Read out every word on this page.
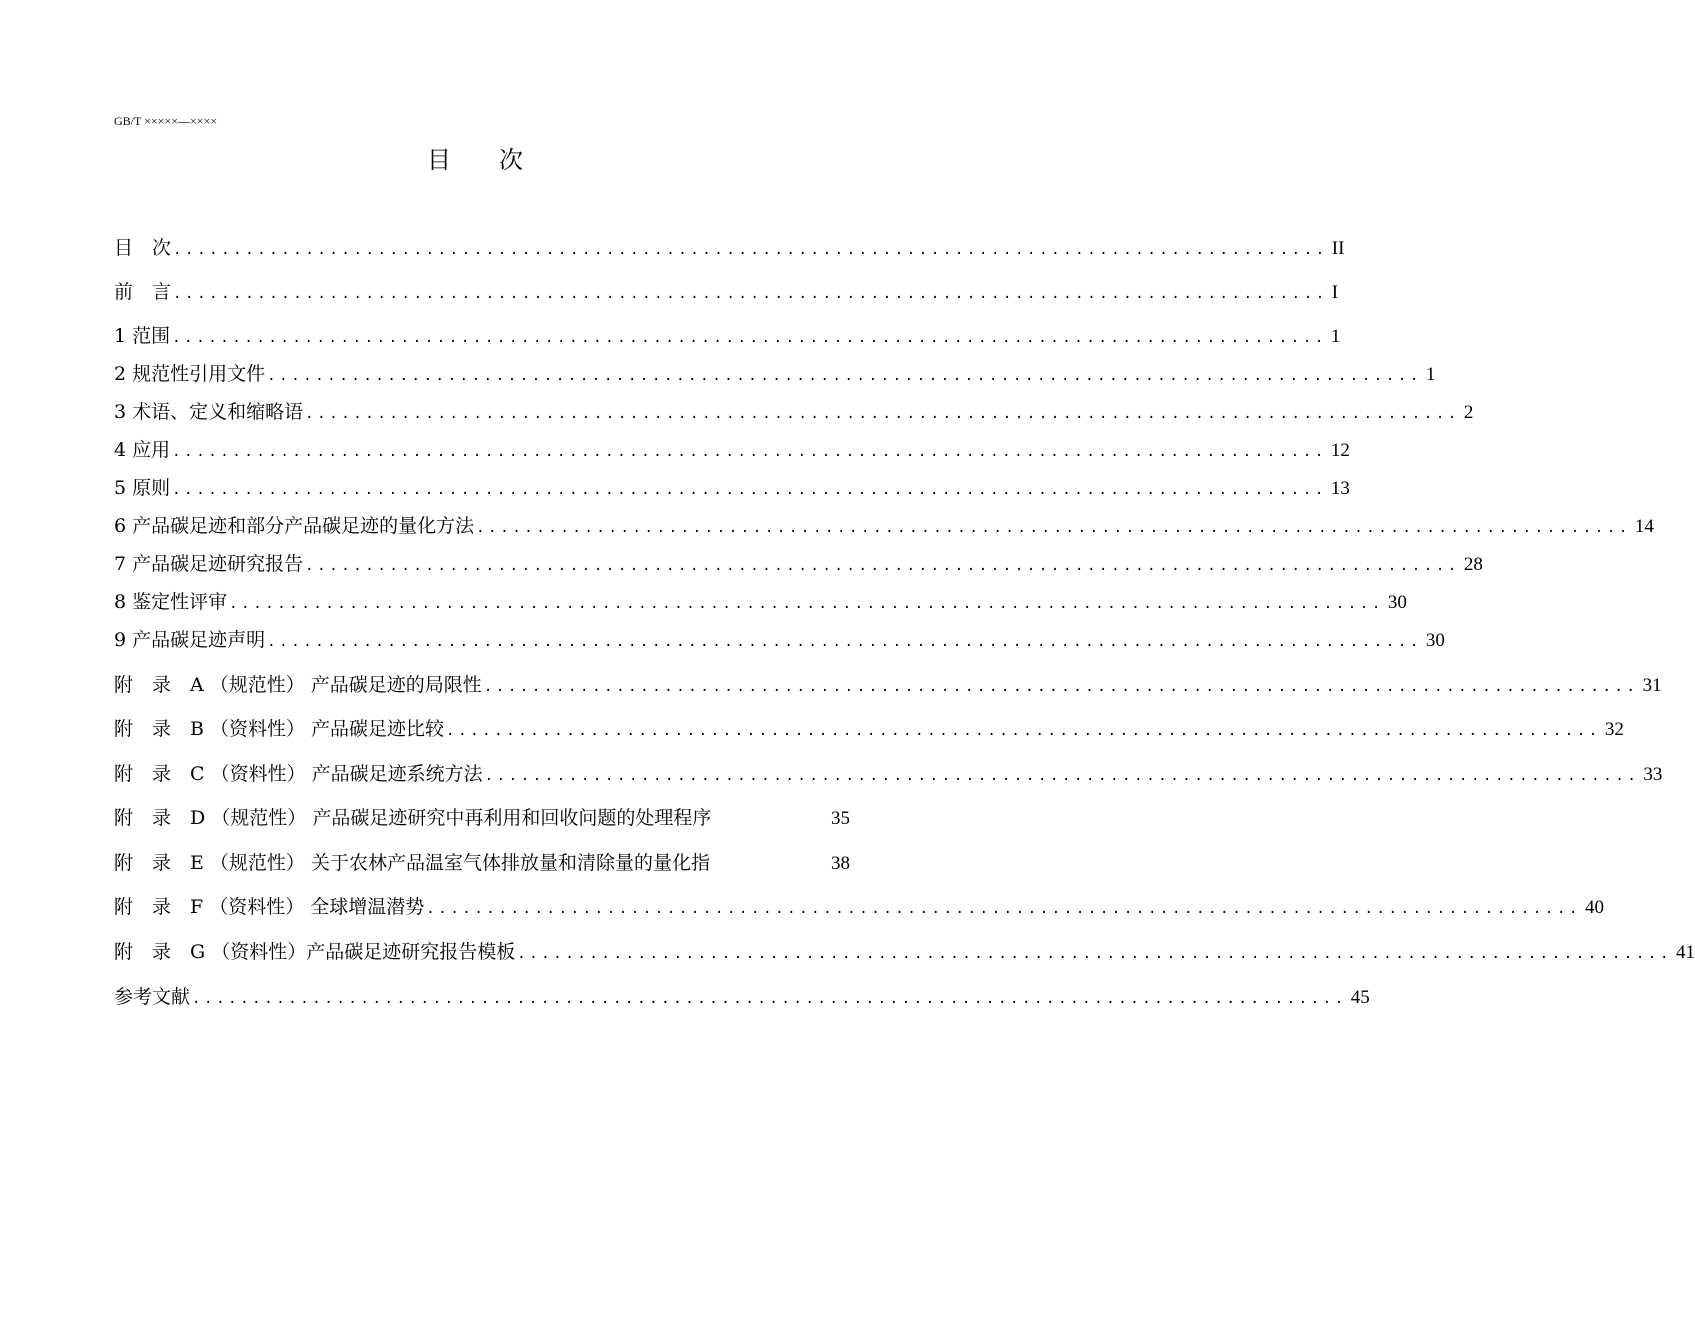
GB/T ×××××—××××
目次
目　次 ................................................................................................ II
前　言 ................................................................................................ I
1 范围 ................................................................................................ 1
2 规范性引用文件 ................................................................................................ 1
3 术语、定义和缩略语 ................................................................................................ 2
4 应用 ................................................................................................ 12
5 原则 ................................................................................................ 13
6 产品碳足迹和部分产品碳足迹的量化方法 ................................................................................................ 14
7 产品碳足迹研究报告 ................................................................................................ 28
8 鉴定性评审 ................................................................................................ 30
9 产品碳足迹声明 ................................................................................................ 30
附　录　A （规范性） 产品碳足迹的局限性 ................................................................................................ 31
附　录　B （资料性） 产品碳足迹比较 ................................................................................................ 32
附　录　C （资料性） 产品碳足迹系统方法 ................................................................................................ 33
附　录　D （规范性） 产品碳足迹研究中再利用和回收问题的处理程序	35
附　录　E （规范性） 关于农林产品温室气体排放量和清除量的量化指	38
附　录　F （资料性） 全球增温潜势 ................................................................................................ 40
附　录　G （资料性）产品碳足迹研究报告模板 ................................................................................................ 41
参考文献 ................................................................................................ 45
